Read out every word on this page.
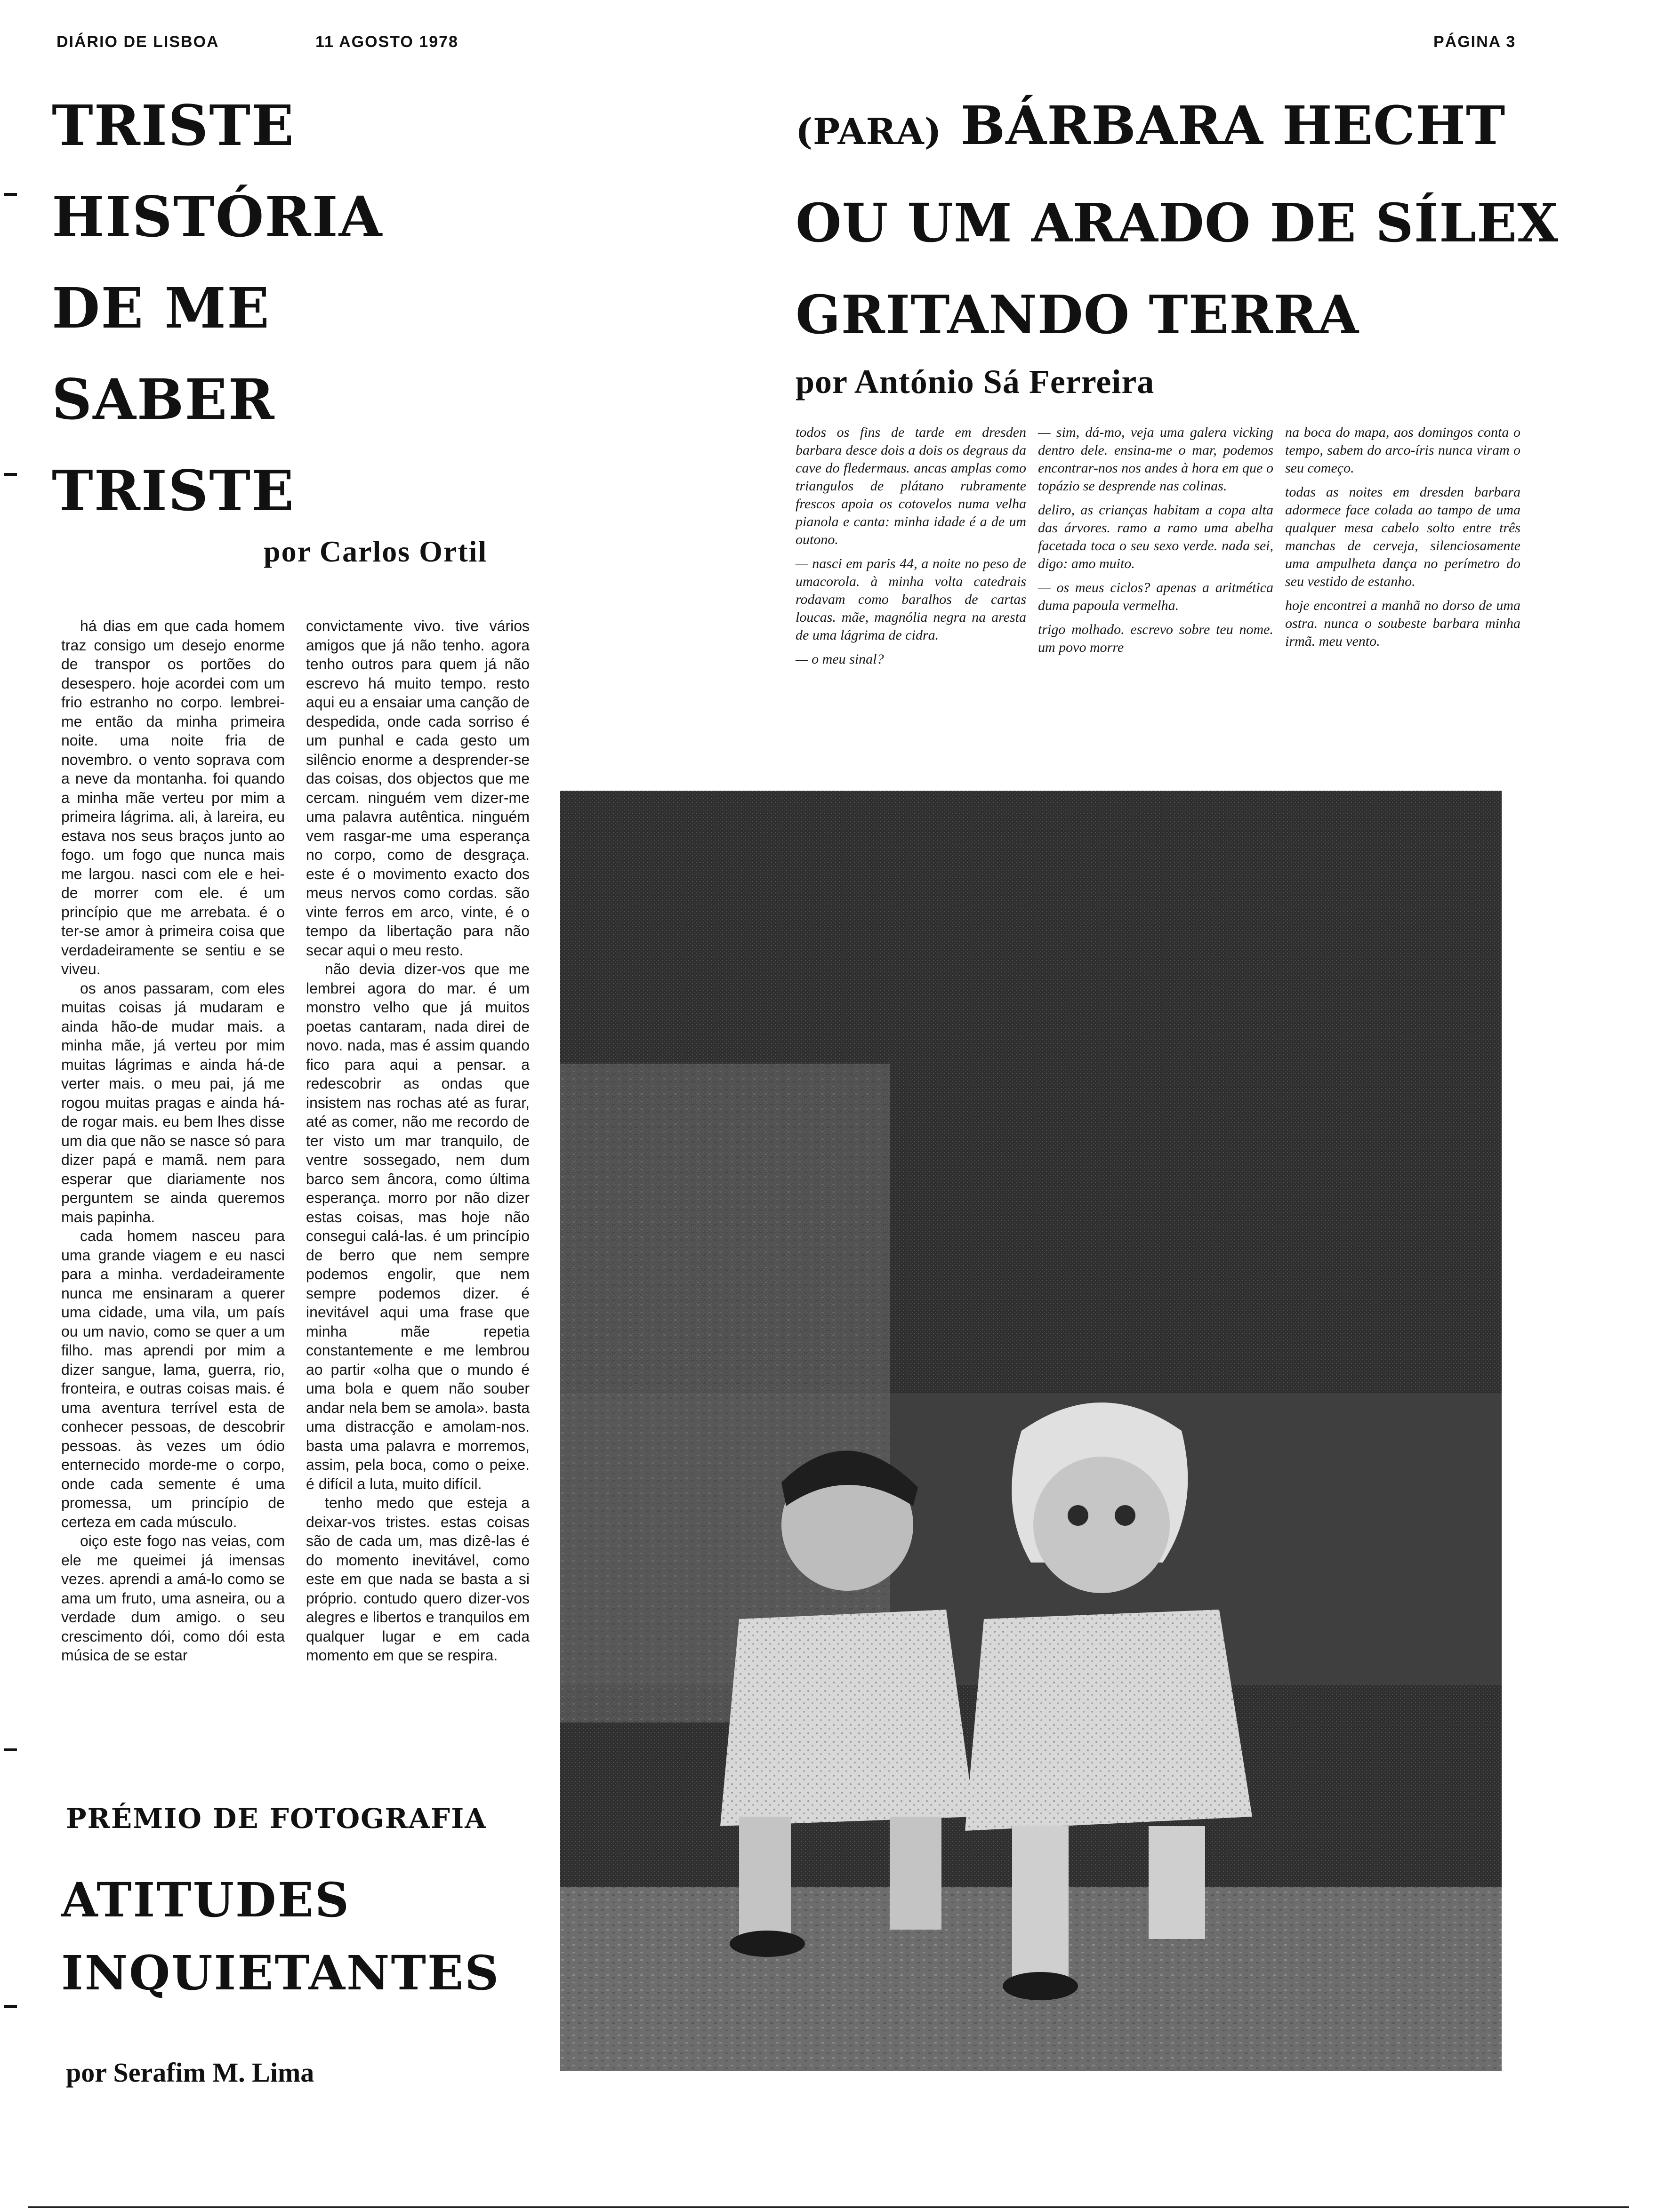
DIÁRIO DE LISBOA	11 AGOSTO 1978	PÁGINA 3
TRISTE
HISTÓRIA
DE ME
SABER
TRISTE

por Carlos Ortil

(PARA) BÁRBARA HECHT
OU UM ARADO DE SÍLEX
GRITANDO TERRA

por António Sá Ferreira

há dias em que cada homem traz consigo um desejo enorme de transpor os portões do desespero. hoje acordei com um frio estranho no corpo. lembrei-me então da minha primeira noite. uma noite fria de novembro. o vento soprava com a neve da montanha. foi quando a minha mãe verteu por mim a primeira lágrima. ali, à lareira, eu estava nos seus braços junto ao fogo. um fogo que nunca mais me largou. nasci com ele e hei-de morrer com ele. é um princípio que me arrebata. é o ter-se amor à primeira coisa que verdadeiramente se sentiu e se viveu.

os anos passaram, com eles muitas coisas já mudaram e ainda hão-de mudar mais. a minha mãe, já verteu por mim muitas lágrimas e ainda há-de verter mais. o meu pai, já me rogou muitas pragas e ainda há-de rogar mais. eu bem lhes disse um dia que não se nasce só para dizer papá e mamã. nem para esperar que diariamente nos perguntem se ainda queremos mais papinha.

cada homem nasceu para uma grande viagem e eu nasci para a minha. verdadeiramente nunca me ensinaram a querer uma cidade, uma vila, um país ou um navio, como se quer a um filho. mas aprendi por mim a dizer sangue, lama, guerra, rio, fronteira, e outras coisas mais. é uma aventura terrível esta de conhecer pessoas, de descobrir pessoas. às vezes um ódio enternecido morde-me o corpo, onde cada semente é uma promessa, um princípio de certeza em cada músculo.

oiço este fogo nas veias, com ele me queimei já imensas vezes. aprendi a amá-lo como se ama um fruto, uma asneira, ou a verdade dum amigo. o seu crescimento dói, como dói esta música de se estar

convictamente vivo. tive vários amigos que já não tenho. agora tenho outros para quem já não escrevo há muito tempo. resto aqui eu a ensaiar uma canção de despedida, onde cada sorriso é um punhal e cada gesto um silêncio enorme a desprender-se das coisas, dos objectos que me cercam. ninguém vem dizer-me uma palavra autêntica. ninguém vem rasgar-me uma esperança no corpo, como de desgraça. este é o movimento exacto dos meus nervos como cordas. são vinte ferros em arco, vinte, é o tempo da libertação para não secar aqui o meu resto.

não devia dizer-vos que me lembrei agora do mar. é um monstro velho que já muitos poetas cantaram, nada direi de novo. nada, mas é assim quando fico para aqui a pensar. a redescobrir as ondas que insistem nas rochas até as furar, até as comer, não me recordo de ter visto um mar tranquilo, de ventre sossegado, nem dum barco sem âncora, como última esperança. morro por não dizer estas coisas, mas hoje não consegui calá-las. é um princípio de berro que nem sempre podemos engolir, que nem sempre podemos dizer. é inevitável aqui uma frase que minha mãe repetia constantemente e me lembrou ao partir «olha que o mundo é uma bola e quem não souber andar nela bem se amola». basta uma distracção e amolam-nos. basta uma palavra e morremos, assim, pela boca, como o peixe. é difícil a luta, muito difícil.

tenho medo que esteja a deixar-vos tristes. estas coisas são de cada um, mas dizê-las é do momento inevitável, como este em que nada se basta a si próprio. contudo quero dizer-vos alegres e libertos e tranquilos em qualquer lugar e em cada momento em que se respira.

todos os fins de tarde em dresden barbara desce dois a dois os degraus da cave do fledermaus. ancas amplas como triangulos de plátano rubramente frescos apoia os cotovelos numa velha pianola e canta: minha idade é a de um outono.

— nasci em paris 44, a noite no peso de umacorola. à minha volta catedrais rodavam como baralhos de cartas loucas. mãe, magnólia negra na aresta de uma lágrima de cidra.

— o meu sinal?

— sim, dá-mo, veja uma galera vicking dentro dele. ensina-me o mar, podemos encontrar-nos nos andes à hora em que o topázio se desprende nas colinas.

deliro, as crianças habitam a copa alta das árvores. ramo a ramo uma abelha facetada toca o seu sexo verde. nada sei, digo: amo muito.

— os meus ciclos? apenas a aritmética duma papoula vermelha.

trigo molhado. escrevo sobre teu nome. um povo morre

na boca do mapa, aos domingos conta o tempo, sabem do arco-íris nunca viram o seu começo.

todas as noites em dresden barbara adormece face colada ao tampo de uma qualquer mesa cabelo solto entre três manchas de cerveja, silenciosamente uma ampulheta dança no perímetro do seu vestido de estanho.

hoje encontrei a manhã no dorso de uma ostra. nunca o soubeste barbara minha irmã. meu vento.

PRÉMIO DE FOTOGRAFIA

ATITUDES
INQUIETANTES

por Serafim M. Lima
